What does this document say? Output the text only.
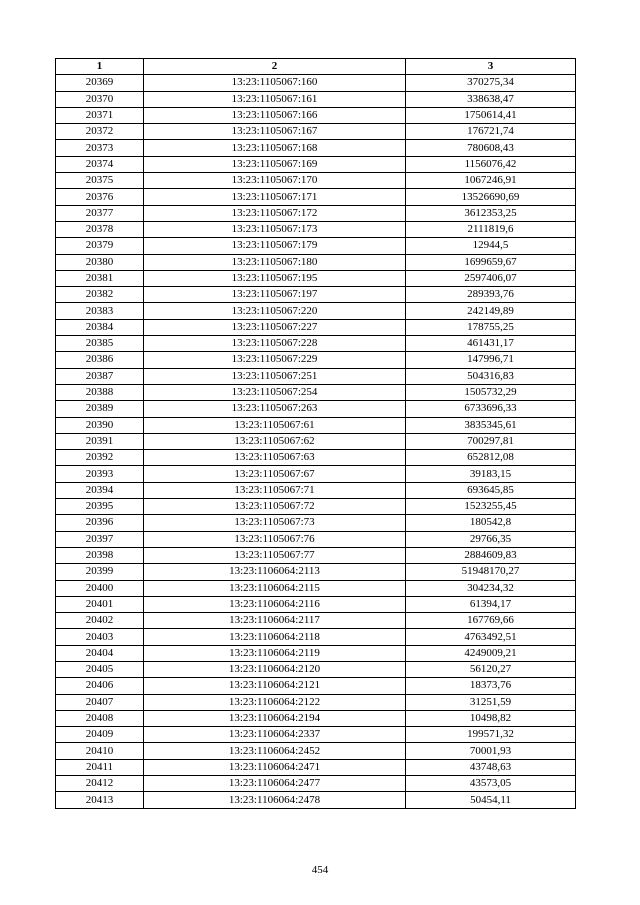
1	2	3
20369	13:23:1105067:160	370275,34
20370	13:23:1105067:161	338638,47
20371	13:23:1105067:166	1750614,41
20372	13:23:1105067:167	176721,74
20373	13:23:1105067:168	780608,43
20374	13:23:1105067:169	1156076,42
20375	13:23:1105067:170	1067246,91
20376	13:23:1105067:171	13526690,69
20377	13:23:1105067:172	3612353,25
20378	13:23:1105067:173	2111819,6
20379	13:23:1105067:179	12944,5
20380	13:23:1105067:180	1699659,67
20381	13:23:1105067:195	2597406,07
20382	13:23:1105067:197	289393,76
20383	13:23:1105067:220	242149,89
20384	13:23:1105067:227	178755,25
20385	13:23:1105067:228	461431,17
20386	13:23:1105067:229	147996,71
20387	13:23:1105067:251	504316,83
20388	13:23:1105067:254	1505732,29
20389	13:23:1105067:263	6733696,33
20390	13:23:1105067:61	3835345,61
20391	13:23:1105067:62	700297,81
20392	13:23:1105067:63	652812,08
20393	13:23:1105067:67	39183,15
20394	13:23:1105067:71	693645,85
20395	13:23:1105067:72	1523255,45
20396	13:23:1105067:73	180542,8
20397	13:23:1105067:76	29766,35
20398	13:23:1105067:77	2884609,83
20399	13:23:1106064:2113	51948170,27
20400	13:23:1106064:2115	304234,32
20401	13:23:1106064:2116	61394,17
20402	13:23:1106064:2117	167769,66
20403	13:23:1106064:2118	4763492,51
20404	13:23:1106064:2119	4249009,21
20405	13:23:1106064:2120	56120,27
20406	13:23:1106064:2121	18373,76
20407	13:23:1106064:2122	31251,59
20408	13:23:1106064:2194	10498,82
20409	13:23:1106064:2337	199571,32
20410	13:23:1106064:2452	70001,93
20411	13:23:1106064:2471	43748,63
20412	13:23:1106064:2477	43573,05
20413	13:23:1106064:2478	50454,11
454
